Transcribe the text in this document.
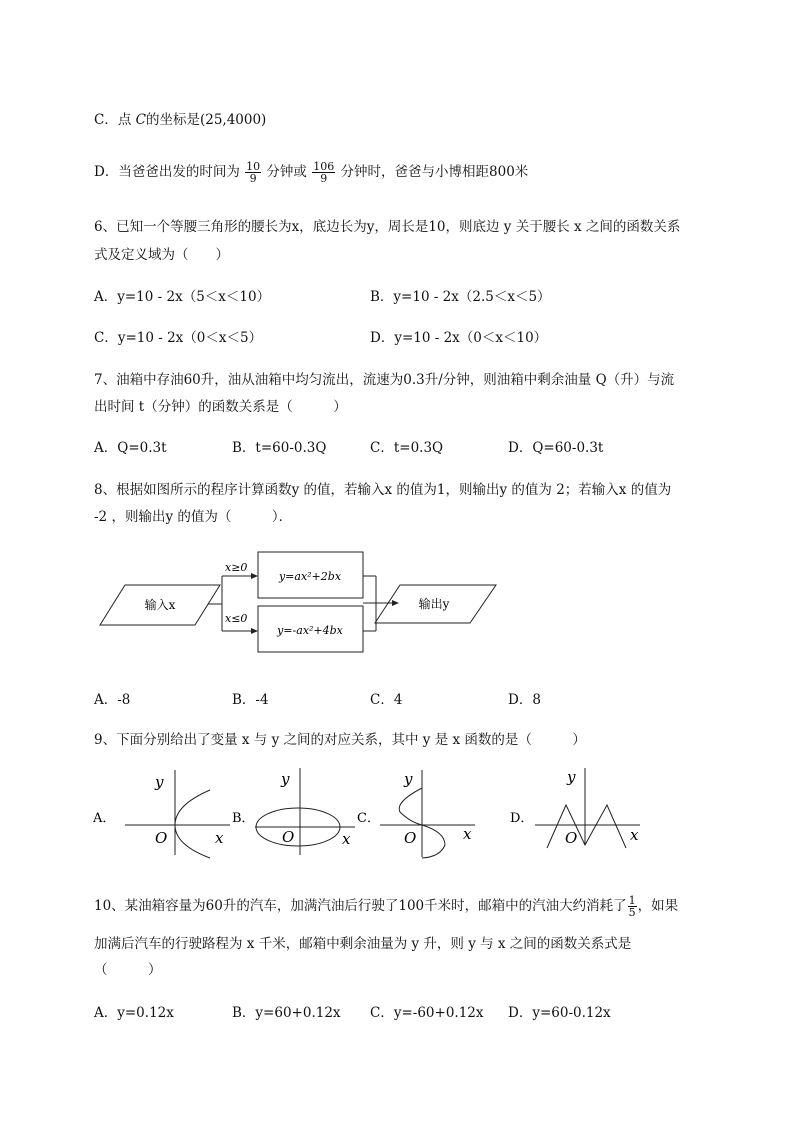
C．点 C的坐标是(25,4000)
D．当爸爸出发的时间为 $\frac{10}{9}$ 分钟或 $\frac{106}{9}$ 分钟时，爸爸与小博相距800米
6、已知一个等腰三角形的腰长为x，底边长为y，周长是10，则底边 y 关于腰长 x 之间的函数关系
式及定义域为（　　）
A．y=10 - 2x（5＜x＜10）	B．y=10 - 2x（2.5＜x＜5）
C．y=10 - 2x（0＜x＜5）	D．y=10 - 2x（0＜x＜10）
7、油箱中存油60升，油从油箱中均匀流出，流速为0.3升/分钟，则油箱中剩余油量 Q（升）与流
出时间 t（分钟）的函数关系是（　　　）
A．Q=0.3t	B．t=60-0.3Q	C．t=0.3Q	D．Q=60-0.3t
8、根据如图所示的程序计算函数y 的值，若输入x 的值为1，则输出y 的值为 2；若输入x 的值为
-2 ，则输出y 的值为（　　　）．
输入x
x≥0
x≤0
y=ax²+2bx
y=-ax²+4bx
输出y
A．-8	B．-4	C．4	D．8
9、下面分别给出了变量 x 与 y 之间的对应关系，其中 y 是 x 函数的是（　　　）
A．
y
O	x
B．
y
O	x
C．
y
O	x
D．
y
O	x
10、某油箱容量为60升的汽车，加满汽油后行驶了100千米时，邮箱中的汽油大约消耗了 $\frac{1}{5}$ ，如果
加满后汽车的行驶路程为 x 千米，邮箱中剩余油量为 y 升，则 y 与 x 之间的函数关系式是
（　　　）
A．y=0.12x	B．y=60+0.12x C．y=-60+0.12x D．y=60-0.12x
